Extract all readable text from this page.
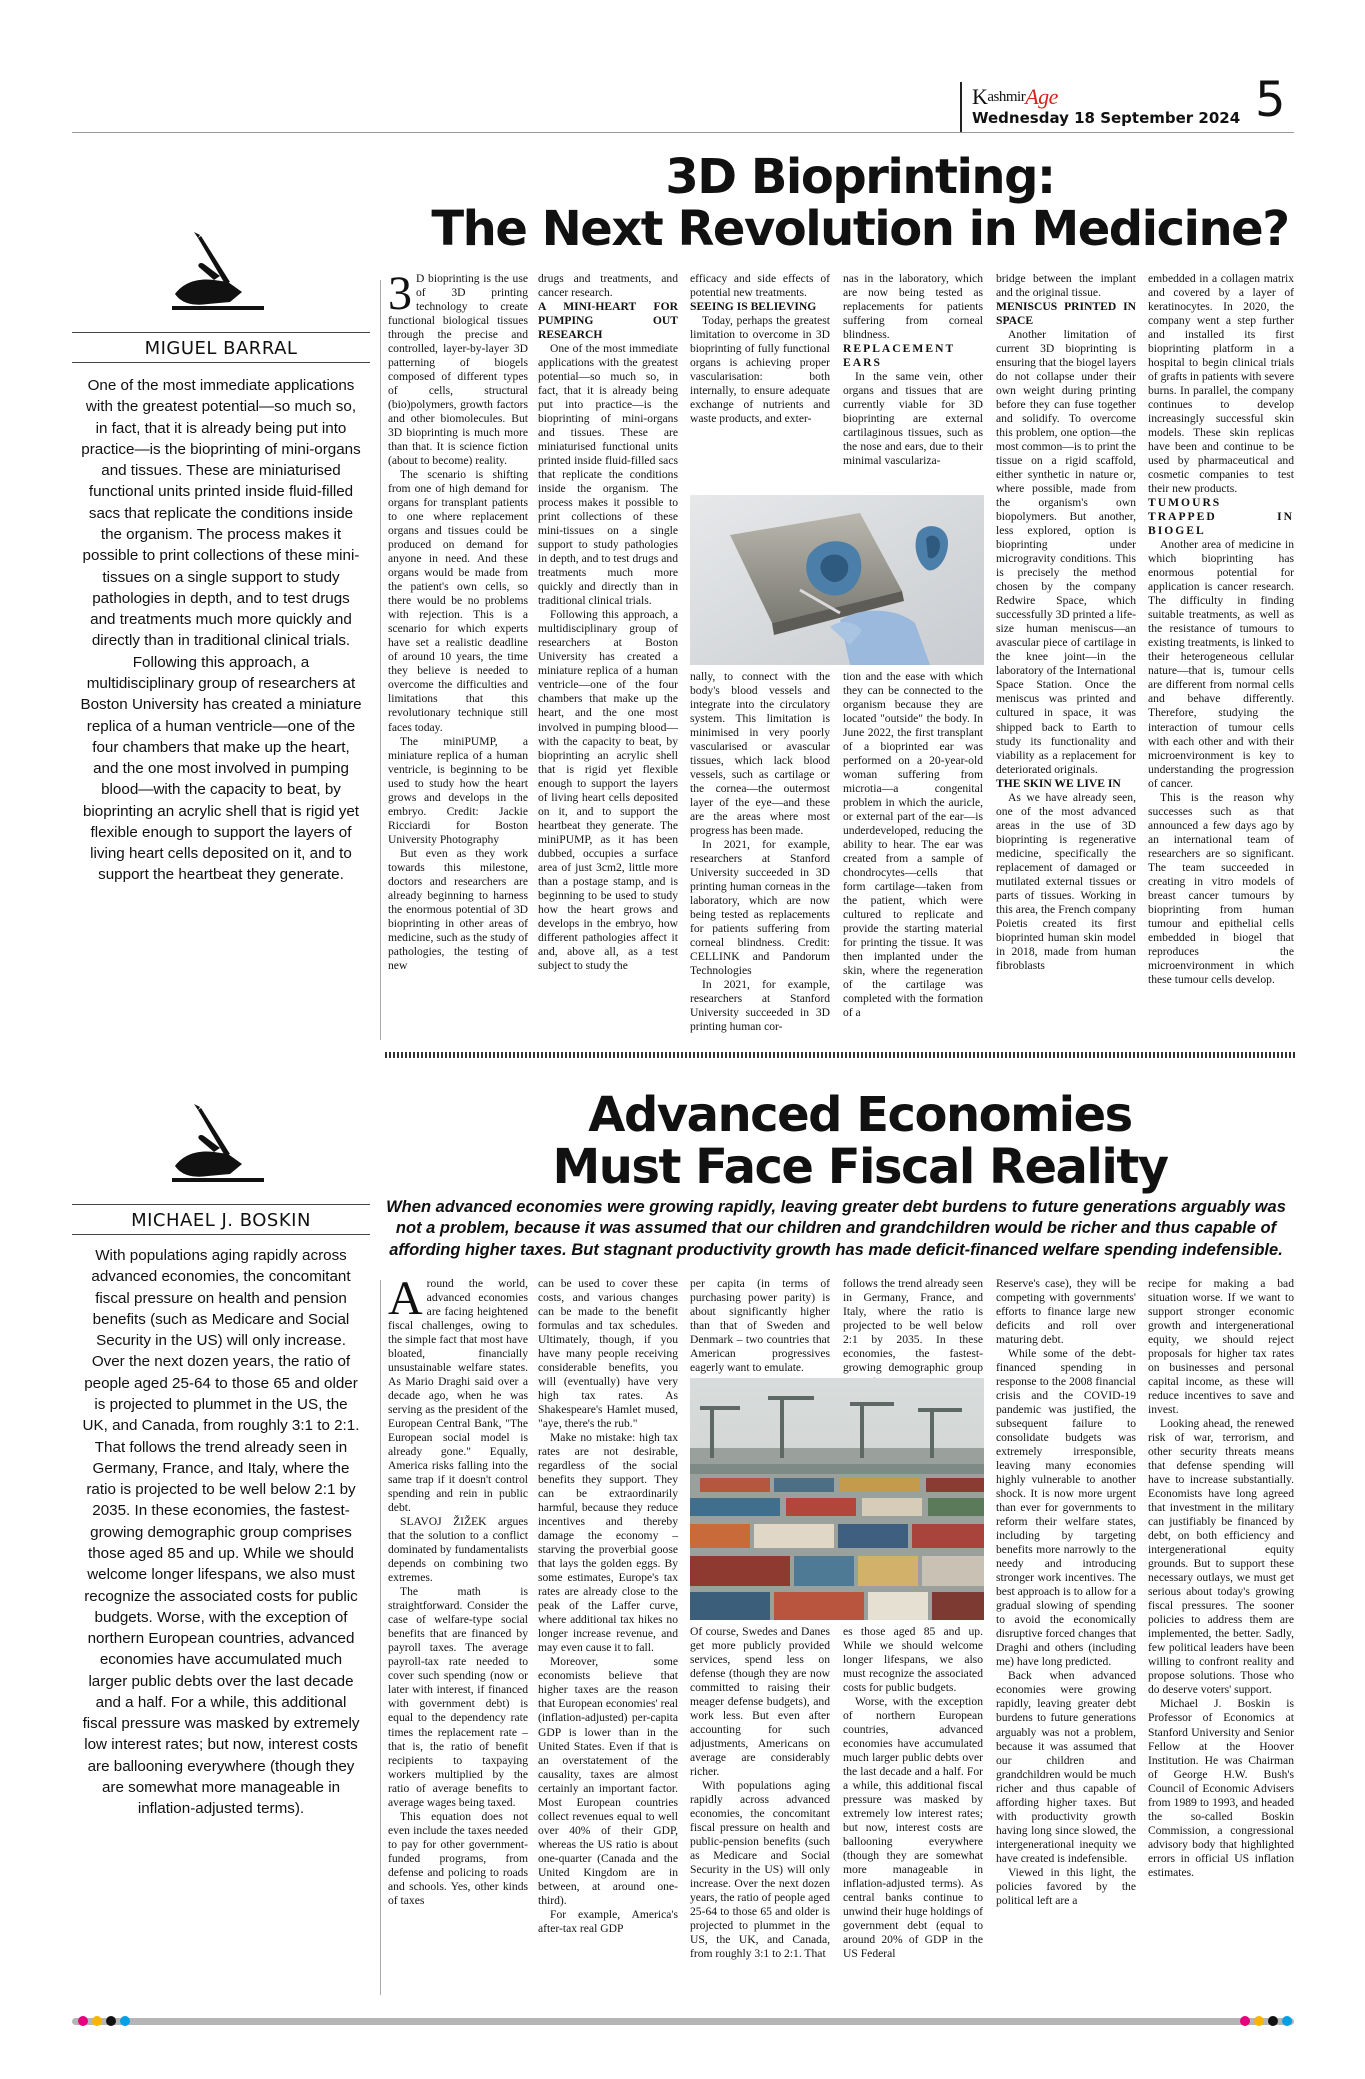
KashmirAge
Wednesday 18 September 2024 5
3D Bioprinting:
The Next Revolution in Medicine?
MIGUEL BARRAL
One of the most immediate applications with the greatest potential—so much so, in fact, that it is already being put into practice—is the bioprinting of mini-organs and tissues. These are miniaturised functional units printed inside fluid-filled sacs that replicate the conditions inside the organism. The process makes it possible to print collections of these mini-tissues on a single support to study pathologies in depth, and to test drugs and treatments much more quickly and directly than in traditional clinical trials. Following this approach, a multidisciplinary group of researchers at Boston University has created a miniature replica of a human ventricle—one of the four chambers that make up the heart, and the one most involved in pumping blood—with the capacity to beat, by bioprinting an acrylic shell that is rigid yet flexible enough to support the layers of living heart cells deposited on it, and to support the heartbeat they generate.

3 D bioprinting is the use of 3D printing technology to create functional biological tissues through the precise and controlled, layer-by-layer 3D patterning of biogels composed of different types of cells, structural (bio)polymers, growth factors and other biomolecules. But 3D bioprinting is much more than that. It is science fiction (about to become) reality.

The scenario is shifting from one of high demand for organs for transplant patients to one where replacement organs and tissues could be produced on demand for anyone in need. And these organs would be made from the patient's own cells, so there would be no problems with rejection. This is a scenario for which experts have set a realistic deadline of around 10 years, the time they believe is needed to overcome the difficulties and limitations that this revolutionary technique still faces today.

The miniPUMP, a miniature replica of a human ventricle, is beginning to be used to study how the heart grows and develops in the embryo. Credit: Jackie Ricciardi for Boston University Photography

But even as they work towards this milestone, doctors and researchers are already beginning to harness the enormous potential of 3D bioprinting in other areas of medicine, such as the study of pathologies, the testing of new

drugs and treatments, and cancer research.

A MINI-HEART FOR PUMPING OUT RESEARCH

One of the most immediate applications with the greatest potential—so much so, in fact, that it is already being put into practice—is the bioprinting of mini-organs and tissues. These are miniaturised functional units printed inside fluid-filled sacs that replicate the conditions inside the organism. The process makes it possible to print collections of these mini-tissues on a single support to study pathologies in depth, and to test drugs and treatments much more quickly and directly than in traditional clinical trials.

Following this approach, a multidisciplinary group of researchers at Boston University has created a miniature replica of a human ventricle—one of the four chambers that make up the heart, and the one most involved in pumping blood—with the capacity to beat, by bioprinting an acrylic shell that is rigid yet flexible enough to support the layers of living heart cells deposited on it, and to support the heartbeat they generate. The miniPUMP, as it has been dubbed, occupies a surface area of just 3cm2, little more than a postage stamp, and is beginning to be used to study how the heart grows and develops in the embryo, how different pathologies affect it and, above all, as a test subject to study the

efficacy and side effects of potential new treatments.

SEEING IS BELIEVING

Today, perhaps the greatest limitation to overcome in 3D bioprinting of fully functional organs is achieving proper vascularisation: both internally, to ensure adequate exchange of nutrients and waste products, and exter-

nas in the laboratory, which are now being tested as replacements for patients suffering from corneal blindness.

REPLACEMENT EARS

In the same vein, other organs and tissues that are currently viable for 3D bioprinting are external cartilaginous tissues, such as the nose and ears, due to their minimal vasculariza-

nally, to connect with the body's blood vessels and integrate into the circulatory system. This limitation is minimised in very poorly vascularised or avascular tissues, which lack blood vessels, such as cartilage or the cornea—the outermost layer of the eye—and these are the areas where most progress has been made.

In 2021, for example, researchers at Stanford University succeeded in 3D printing human corneas in the laboratory, which are now being tested as replacements for patients suffering from corneal blindness. Credit: CELLINK and Pandorum Technologies

In 2021, for example, researchers at Stanford University succeeded in 3D printing human cor-

tion and the ease with which they can be connected to the organism because they are located "outside" the body. In June 2022, the first transplant of a bioprinted ear was performed on a 20-year-old woman suffering from microtia—a congenital problem in which the auricle, or external part of the ear—is underdeveloped, reducing the ability to hear. The ear was created from a sample of chondrocytes—cells that form cartilage—taken from the patient, which were cultured to replicate and provide the starting material for printing the tissue. It was then implanted under the skin, where the regeneration of the cartilage was completed with the formation of a

bridge between the implant and the original tissue.

MENISCUS PRINTED IN SPACE

Another limitation of current 3D bioprinting is ensuring that the biogel layers do not collapse under their own weight during printing before they can fuse together and solidify. To overcome this problem, one option—the most common—is to print the tissue on a rigid scaffold, either synthetic in nature or, where possible, made from the organism's own biopolymers. But another, less explored, option is bioprinting under microgravity conditions. This is precisely the method chosen by the company Redwire Space, which successfully 3D printed a life-size human meniscus—an avascular piece of cartilage in the knee joint—in the laboratory of the International Space Station. Once the meniscus was printed and cultured in space, it was shipped back to Earth to study its functionality and viability as a replacement for deteriorated originals.

THE SKIN WE LIVE IN

As we have already seen, one of the most advanced areas in the use of 3D bioprinting is regenerative medicine, specifically the replacement of damaged or mutilated external tissues or parts of tissues. Working in this area, the French company Poietis created its first bioprinted human skin model in 2018, made from human fibroblasts

embedded in a collagen matrix and covered by a layer of keratinocytes. In 2020, the company went a step further and installed its first bioprinting platform in a hospital to begin clinical trials of grafts in patients with severe burns. In parallel, the company continues to develop increasingly successful skin models. These skin replicas have been and continue to be used by pharmaceutical and cosmetic companies to test their new products.

TUMOURS TRAPPED IN BIOGEL

Another area of medicine in which bioprinting has enormous potential for application is cancer research. The difficulty in finding suitable treatments, as well as the resistance of tumours to existing treatments, is linked to their heterogeneous cellular nature—that is, tumour cells are different from normal cells and behave differently. Therefore, studying the interaction of tumour cells with each other and with their microenvironment is key to understanding the progression of cancer.

This is the reason why successes such as that announced a few days ago by an international team of researchers are so significant. The team succeeded in creating in vitro models of breast cancer tumours by bioprinting from human tumour and epithelial cells embedded in biogel that reproduces the microenvironment in which these tumour cells develop.

Advanced Economies
Must Face Fiscal Reality
When advanced economies were growing rapidly, leaving greater debt burdens to future generations arguably was not a problem, because it was assumed that our children and grandchildren would be richer and thus capable of affording higher taxes. But stagnant productivity growth has made deficit-financed welfare spending indefensible.
MICHAEL J. BOSKIN
With populations aging rapidly across advanced economies, the concomitant fiscal pressure on health and pension benefits (such as Medicare and Social Security in the US) will only increase. Over the next dozen years, the ratio of people aged 25-64 to those 65 and older is projected to plummet in the US, the UK, and Canada, from roughly 3:1 to 2:1. That follows the trend already seen in Germany, France, and Italy, where the ratio is projected to be well below 2:1 by 2035. In these economies, the fastest-growing demographic group comprises those aged 85 and up. While we should welcome longer lifespans, we also must recognize the associated costs for public budgets. Worse, with the exception of northern European countries, advanced economies have accumulated much larger public debts over the last decade and a half. For a while, this additional fiscal pressure was masked by extremely low interest rates; but now, interest costs are ballooning everywhere (though they are somewhat more manageable in inflation-adjusted terms).

Around the world, advanced economies are facing heightened fiscal challenges, owing to the simple fact that most have bloated, financially unsustainable welfare states. As Mario Draghi said over a decade ago, when he was serving as the president of the European Central Bank, "The European social model is already gone." Equally, America risks falling into the same trap if it doesn't control spending and rein in public debt.

SLAVOJ ŽIŽEK argues that the solution to a conflict dominated by fundamentalists depends on combining two extremes.

The math is straightforward. Consider the case of welfare-type social benefits that are financed by payroll taxes. The average payroll-tax rate needed to cover such spending (now or later with interest, if financed with government debt) is equal to the dependency rate times the replacement rate – that is, the ratio of benefit recipients to taxpaying workers multiplied by the ratio of average benefits to average wages being taxed.

This equation does not even include the taxes needed to pay for other government-funded programs, from defense and policing to roads and schools. Yes, other kinds of taxes

can be used to cover these costs, and various changes can be made to the benefit formulas and tax schedules. Ultimately, though, if you have many people receiving considerable benefits, you will (eventually) have very high tax rates. As Shakespeare's Hamlet mused, "aye, there's the rub."

Make no mistake: high tax rates are not desirable, regardless of the social benefits they support. They can be extraordinarily harmful, because they reduce incentives and thereby damage the economy – starving the proverbial goose that lays the golden eggs. By some estimates, Europe's tax rates are already close to the peak of the Laffer curve, where additional tax hikes no longer increase revenue, and may even cause it to fall.

Moreover, some economists believe that higher taxes are the reason that European economies' real (inflation-adjusted) per-capita GDP is lower than in the United States. Even if that is an overstatement of the causality, taxes are almost certainly an important factor. Most European countries collect revenues equal to well over 40% of their GDP, whereas the US ratio is about one-quarter (Canada and the United Kingdom are in between, at around one-third).

For example, America's after-tax real GDP

per capita (in terms of purchasing power parity) is about significantly higher than that of Sweden and Denmark – two countries that American progressives eagerly want to emulate.

follows the trend already seen in Germany, France, and Italy, where the ratio is projected to be well below 2:1 by 2035. In these economies, the fastest-growing demographic group

Of course, Swedes and Danes get more publicly provided services, spend less on defense (though they are now committed to raising their meager defense budgets), and work less. But even after accounting for such adjustments, Americans on average are considerably richer.

With populations aging rapidly across advanced economies, the concomitant fiscal pressure on health and public-pension benefits (such as Medicare and Social Security in the US) will only increase. Over the next dozen years, the ratio of people aged 25-64 to those 65 and older is projected to plummet in the US, the UK, and Canada, from roughly 3:1 to 2:1. That

es those aged 85 and up. While we should welcome longer lifespans, we also must recognize the associated costs for public budgets.

Worse, with the exception of northern European countries, advanced economies have accumulated much larger public debts over the last decade and a half. For a while, this additional fiscal pressure was masked by extremely low interest rates; but now, interest costs are ballooning everywhere (though they are somewhat more manageable in inflation-adjusted terms). As central banks continue to unwind their huge holdings of government debt (equal to around 20% of GDP in the US Federal

Reserve's case), they will be competing with governments' efforts to finance large new deficits and roll over maturing debt.

While some of the debt-financed spending in response to the 2008 financial crisis and the COVID-19 pandemic was justified, the subsequent failure to consolidate budgets was extremely irresponsible, leaving many economies highly vulnerable to another shock. It is now more urgent than ever for governments to reform their welfare states, including by targeting benefits more narrowly to the needy and introducing stronger work incentives. The best approach is to allow for a gradual slowing of spending to avoid the economically disruptive forced changes that Draghi and others (including me) have long predicted.

Back when advanced economies were growing rapidly, leaving greater debt burdens to future generations arguably was not a problem, because it was assumed that our children and grandchildren would be much richer and thus capable of affording higher taxes. But with productivity growth having long since slowed, the intergenerational inequity we have created is indefensible.

Viewed in this light, the policies favored by the political left are a

recipe for making a bad situation worse. If we want to support stronger economic growth and intergenerational equity, we should reject proposals for higher tax rates on businesses and personal capital income, as these will reduce incentives to save and invest.

Looking ahead, the renewed risk of war, terrorism, and other security threats means that defense spending will have to increase substantially. Economists have long agreed that investment in the military can justifiably be financed by debt, on both efficiency and intergenerational equity grounds. But to support these necessary outlays, we must get serious about today's growing fiscal pressures. The sooner policies to address them are implemented, the better. Sadly, few political leaders have been willing to confront reality and propose solutions. Those who do deserve voters' support.

Michael J. Boskin is Professor of Economics at Stanford University and Senior Fellow at the Hoover Institution. He was Chairman of George H.W. Bush's Council of Economic Advisers from 1989 to 1993, and headed the so-called Boskin Commission, a congressional advisory body that highlighted errors in official US inflation estimates.
